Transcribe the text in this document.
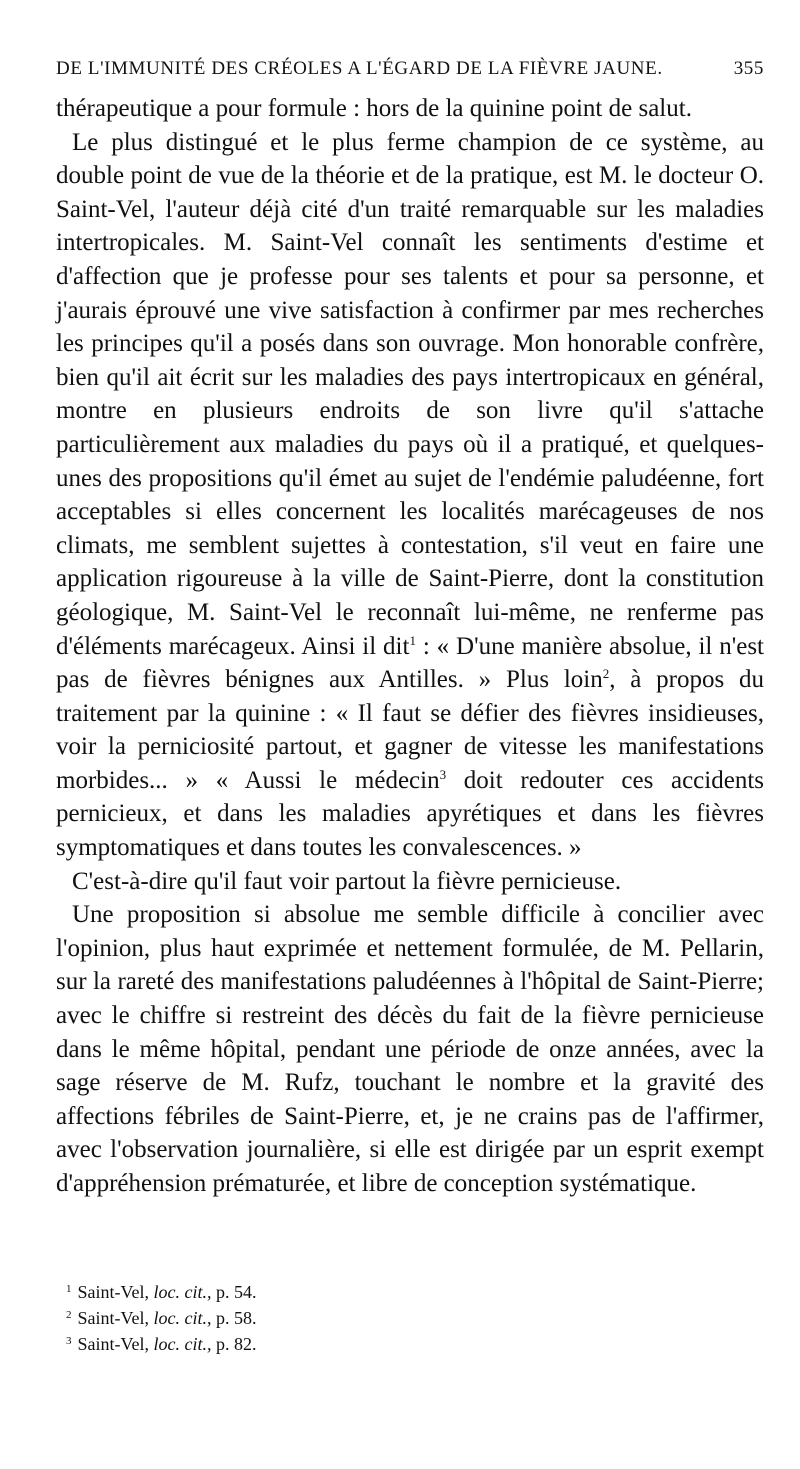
DE L'IMMUNITÉ DES CRÉOLES A L'ÉGARD DE LA FIÈVRE JAUNE.	355

thérapeutique a pour formule : hors de la quinine point de salut.

Le plus distingué et le plus ferme champion de ce système, au double point de vue de la théorie et de la pratique, est M. le docteur O. Saint-Vel, l'auteur déjà cité d'un traité remarquable sur les maladies intertropicales. M. Saint-Vel connaît les sentiments d'estime et d'affection que je professe pour ses talents et pour sa personne, et j'aurais éprouvé une vive satisfaction à confirmer par mes recherches les principes qu'il a posés dans son ouvrage. Mon honorable confrère, bien qu'il ait écrit sur les maladies des pays intertropicaux en général, montre en plusieurs endroits de son livre qu'il s'attache particulièrement aux maladies du pays où il a pratiqué, et quelques-unes des propositions qu'il émet au sujet de l'endémie paludéenne, fort acceptables si elles concernent les localités marécageuses de nos climats, me semblent sujettes à contestation, s'il veut en faire une application rigoureuse à la ville de Saint-Pierre, dont la constitution géologique, M. Saint-Vel le reconnaît lui-même, ne renferme pas d'éléments marécageux. Ainsi il dit$^1$ : « D'une manière absolue, il n'est pas de fièvres bénignes aux Antilles. » Plus loin$^2$, à propos du traitement par la quinine : « Il faut se défier des fièvres insidieuses, voir la perniciosité partout, et gagner de vitesse les manifestations morbides... » « Aussi le médecin$^3$ doit redouter ces accidents pernicieux, et dans les maladies apyrétiques et dans les fièvres symptomatiques et dans toutes les convalescences. »

C'est-à-dire qu'il faut voir partout la fièvre pernicieuse.

Une proposition si absolue me semble difficile à concilier avec l'opinion, plus haut exprimée et nettement formulée, de M. Pellarin, sur la rareté des manifestations paludéennes à l'hôpital de Saint-Pierre; avec le chiffre si restreint des décès du fait de la fièvre pernicieuse dans le même hôpital, pendant une période de onze années, avec la sage réserve de M. Rufz, touchant le nombre et la gravité des affections fébriles de Saint-Pierre, et, je ne crains pas de l'affirmer, avec l'observation journalière, si elle est dirigée par un esprit exempt d'appréhension prématurée, et libre de conception systématique.

$^1$ Saint-Vel, loc. cit., p. 54.
$^2$ Saint-Vel, loc. cit., p. 58.
$^3$ Saint-Vel, loc. cit., p. 82.
